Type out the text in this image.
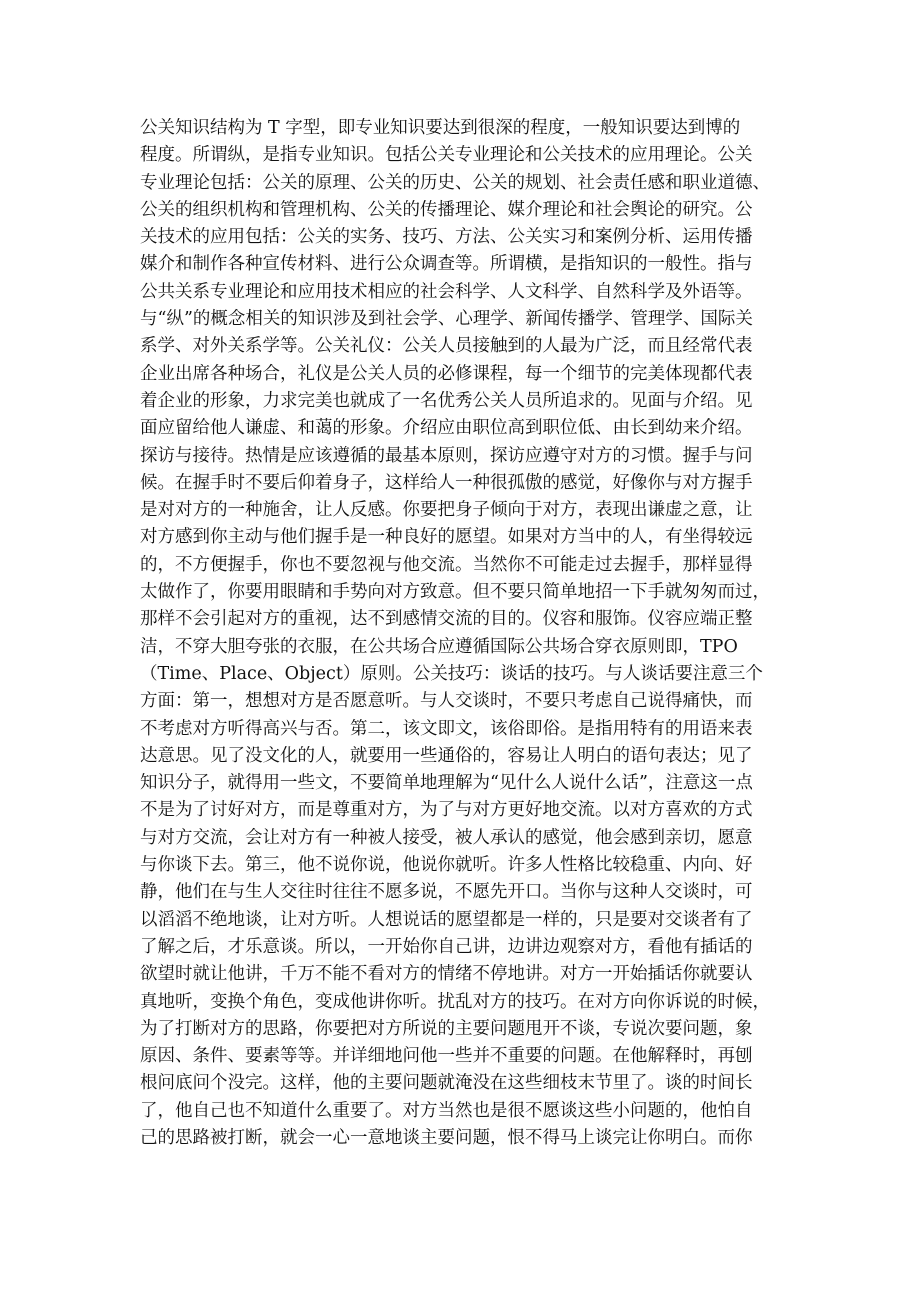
公关知识结构为 T 字型，即专业知识要达到很深的程度，一般知识要达到博的
程度。所谓纵，是指专业知识。包括公关专业理论和公关技术的应用理论。公关
专业理论包括：公关的原理、公关的历史、公关的规划、社会责任感和职业道德、
公关的组织机构和管理机构、公关的传播理论、媒介理论和社会舆论的研究。公
关技术的应用包括：公关的实务、技巧、方法、公关实习和案例分析、运用传播
媒介和制作各种宣传材料、进行公众调查等。所谓横，是指知识的一般性。指与
公共关系专业理论和应用技术相应的社会科学、人文科学、自然科学及外语等。
与“纵”的概念相关的知识涉及到社会学、心理学、新闻传播学、管理学、国际关
系学、对外关系学等。公关礼仪：公关人员接触到的人最为广泛，而且经常代表
企业出席各种场合，礼仪是公关人员的必修课程，每一个细节的完美体现都代表
着企业的形象，力求完美也就成了一名优秀公关人员所追求的。见面与介绍。见
面应留给他人谦虚、和蔼的形象。介绍应由职位高到职位低、由长到幼来介绍。
探访与接待。热情是应该遵循的最基本原则，探访应遵守对方的习惯。握手与问
候。在握手时不要后仰着身子，这样给人一种很孤傲的感觉，好像你与对方握手
是对对方的一种施舍，让人反感。你要把身子倾向于对方，表现出谦虚之意，让
对方感到你主动与他们握手是一种良好的愿望。如果对方当中的人，有坐得较远
的，不方便握手，你也不要忽视与他交流。当然你不可能走过去握手，那样显得
太做作了，你要用眼睛和手势向对方致意。但不要只简单地招一下手就匆匆而过，
那样不会引起对方的重视，达不到感情交流的目的。仪容和服饰。仪容应端正整
洁，不穿大胆夸张的衣服，在公共场合应遵循国际公共场合穿衣原则即，TPO
（Time、Place、Object）原则。公关技巧：谈话的技巧。与人谈话要注意三个
方面：第一，想想对方是否愿意听。与人交谈时，不要只考虑自己说得痛快，而
不考虑对方听得高兴与否。第二，该文即文，该俗即俗。是指用特有的用语来表
达意思。见了没文化的人，就要用一些通俗的，容易让人明白的语句表达；见了
知识分子，就得用一些文，不要简单地理解为“见什么人说什么话”，注意这一点
不是为了讨好对方，而是尊重对方，为了与对方更好地交流。以对方喜欢的方式
与对方交流，会让对方有一种被人接受，被人承认的感觉，他会感到亲切，愿意
与你谈下去。第三，他不说你说，他说你就听。许多人性格比较稳重、内向、好
静，他们在与生人交往时往往不愿多说，不愿先开口。当你与这种人交谈时，可
以滔滔不绝地谈，让对方听。人想说话的愿望都是一样的，只是要对交谈者有了
了解之后，才乐意谈。所以，一开始你自己讲，边讲边观察对方，看他有插话的
欲望时就让他讲，千万不能不看对方的情绪不停地讲。对方一开始插话你就要认
真地听，变换个角色，变成他讲你听。扰乱对方的技巧。在对方向你诉说的时候，
为了打断对方的思路，你要把对方所说的主要问题甩开不谈，专说次要问题，象
原因、条件、要素等等。并详细地问他一些并不重要的问题。在他解释时，再刨
根问底问个没完。这样，他的主要问题就淹没在这些细枝末节里了。谈的时间长
了，他自己也不知道什么重要了。对方当然也是很不愿谈这些小问题的，他怕自
己的思路被打断，就会一心一意地谈主要问题，恨不得马上谈完让你明白。而你
